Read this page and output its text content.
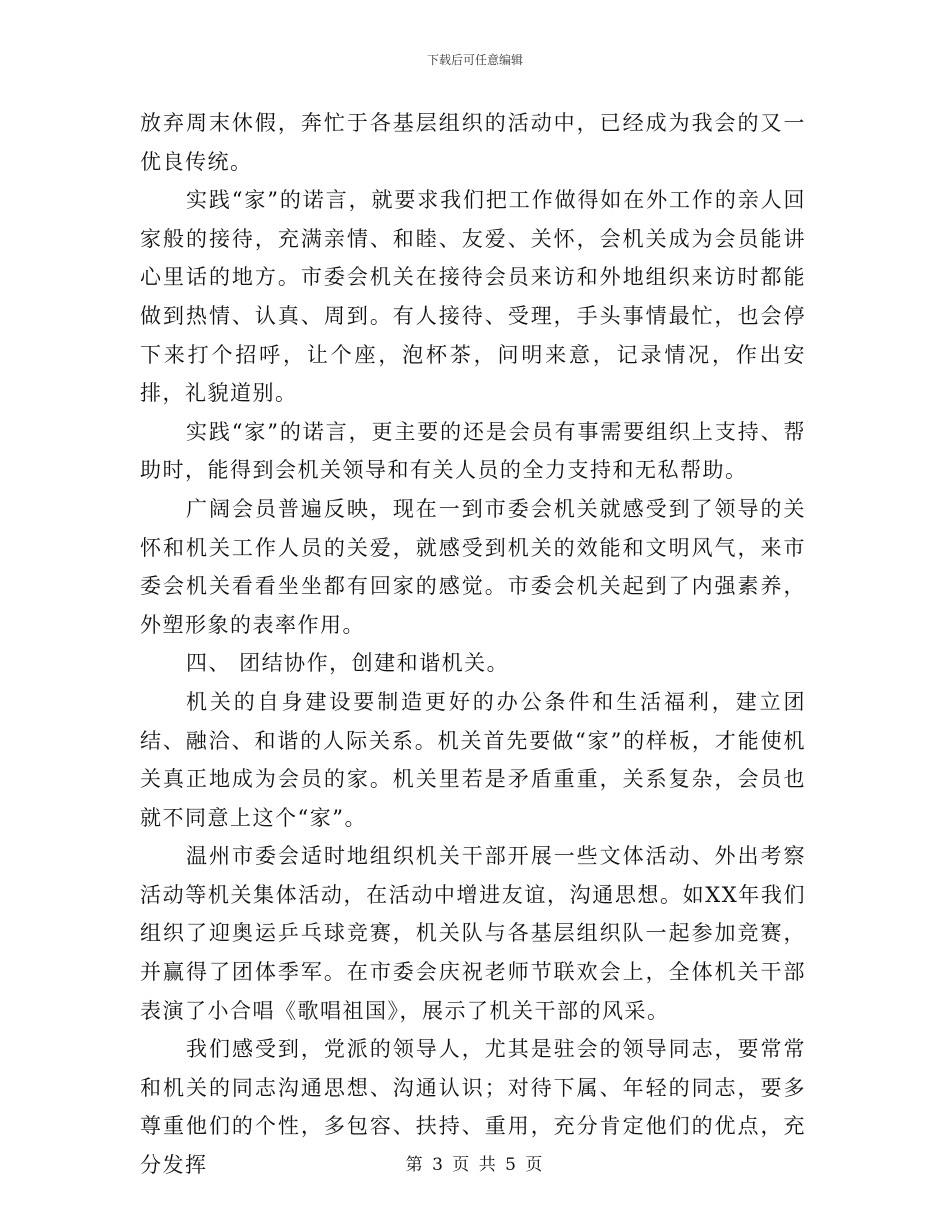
下载后可任意编辑

放弃周末休假，奔忙于各基层组织的活动中，已经成为我会的又一优良传统。

实践“家”的诺言，就要求我们把工作做得如在外工作的亲人回家般的接待，充满亲情、和睦、友爱、关怀，会机关成为会员能讲心里话的地方。市委会机关在接待会员来访和外地组织来访时都能做到热情、认真、周到。有人接待、受理，手头事情最忙，也会停下来打个招呼，让个座，泡杯茶，问明来意，记录情况，作出安排，礼貌道别。

实践“家”的诺言，更主要的还是会员有事需要组织上支持、帮助时，能得到会机关领导和有关人员的全力支持和无私帮助。

广阔会员普遍反映，现在一到市委会机关就感受到了领导的关怀和机关工作人员的关爱，就感受到机关的效能和文明风气，来市委会机关看看坐坐都有回家的感觉。市委会机关起到了内强素养，外塑形象的表率作用。

四、 团结协作，创建和谐机关。

机关的自身建设要制造更好的办公条件和生活福利，建立团结、融洽、和谐的人际关系。机关首先要做“家”的样板，才能使机关真正地成为会员的家。机关里若是矛盾重重，关系复杂，会员也就不同意上这个“家”。

温州市委会适时地组织机关干部开展一些文体活动、外出考察活动等机关集体活动，在活动中增进友谊，沟通思想。如XX年我们组织了迎奥运乒乓球竞赛，机关队与各基层组织队一起参加竞赛，并赢得了团体季军。在市委会庆祝老师节联欢会上，全体机关干部表演了小合唱《歌唱祖国》，展示了机关干部的风采。

我们感受到，党派的领导人，尤其是驻会的领导同志，要常常和机关的同志沟通思想、沟通认识；对待下属、年轻的同志，要多尊重他们的个性，多包容、扶持、重用，充分肯定他们的优点，充分发挥	第 3 页 共 5 页
